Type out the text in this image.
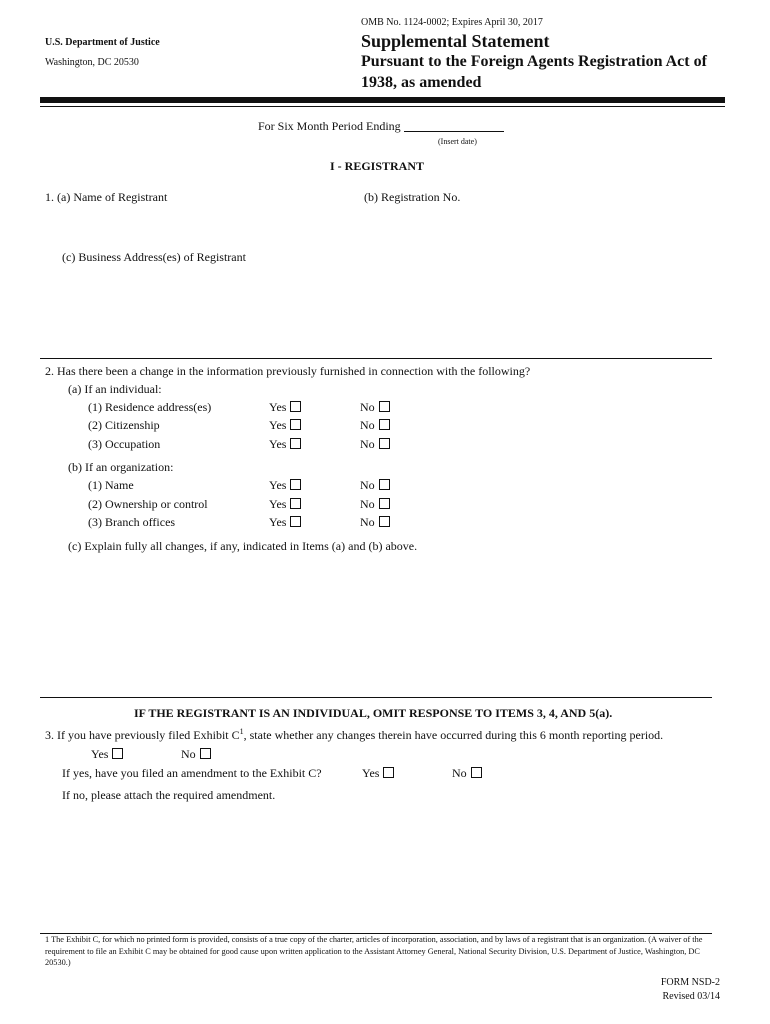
OMB No. 1124-0002; Expires April 30, 2017
U.S. Department of Justice
Washington, DC 20530
Supplemental Statement
Pursuant to the Foreign Agents Registration Act of
1938, as amended
For Six Month Period Ending
(Insert date)
I - REGISTRANT
1. (a) Name of Registrant	(b) Registration No.
(c) Business Address(es) of Registrant
2. Has there been a change in the information previously furnished in connection with the following?
(a) If an individual:
(1) Residence address(es)	Yes	No
(2) Citizenship	Yes	No
(3) Occupation	Yes	No
(b) If an organization:
(1) Name	Yes	No
(2) Ownership or control	Yes	No
(3) Branch offices	Yes	No
(c) Explain fully all changes, if any, indicated in Items (a) and (b) above.
IF THE REGISTRANT IS AN INDIVIDUAL, OMIT RESPONSE TO ITEMS 3, 4, AND 5(a).
3. If you have previously filed Exhibit $C^1$, state whether any changes therein have occurred during this 6 month reporting period.
Yes	No
If yes, have you filed an amendment to the Exhibit C?	Yes	No
If no, please attach the required amendment.
1 The Exhibit C, for which no printed form is provided, consists of a true copy of the charter, articles of incorporation, association, and by laws of a registrant that is an organization. (A waiver of the requirement to file an Exhibit C may be obtained for good cause upon written application to the Assistant Attorney General, National Security Division, U.S. Department of Justice, Washington, DC 20530.)
FORM NSD-2
Revised 03/14
